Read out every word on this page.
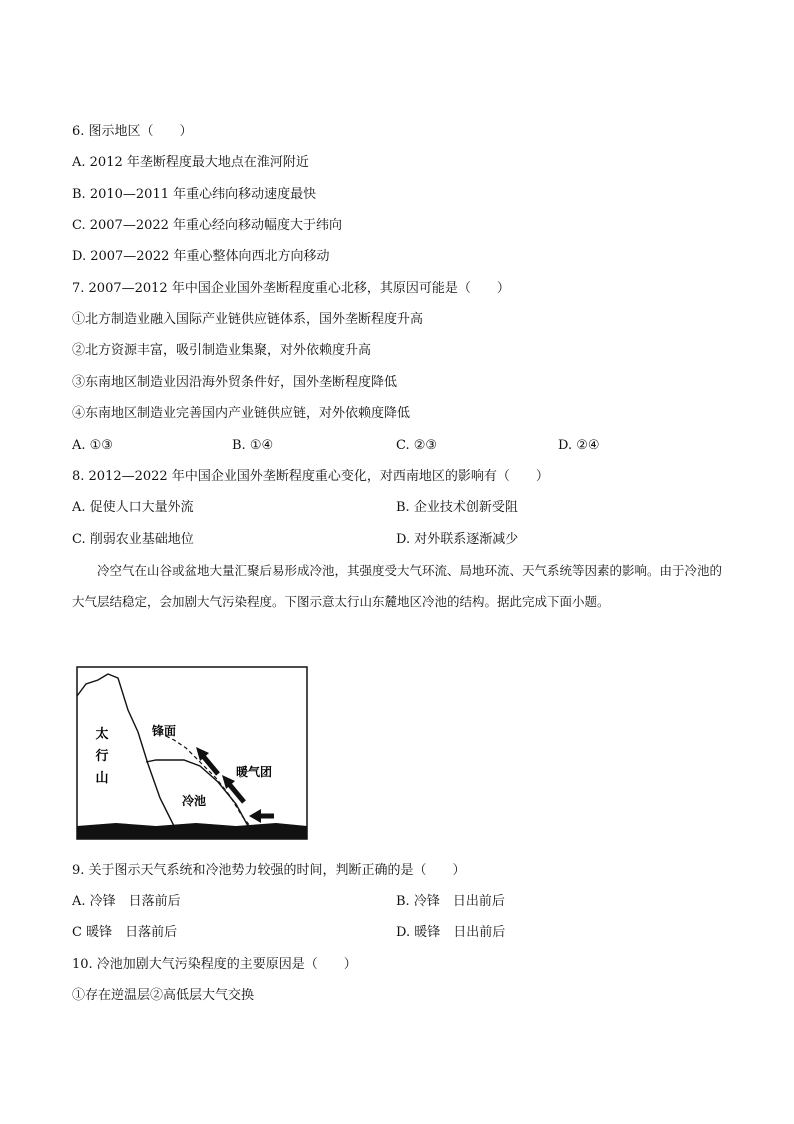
6. 图示地区（　　）
A. 2012 年垄断程度最大地点在淮河附近
B. 2010—2011 年重心纬向移动速度最快
C. 2007—2022 年重心经向移动幅度大于纬向
D. 2007—2022 年重心整体向西北方向移动
7. 2007—2012 年中国企业国外垄断程度重心北移，其原因可能是（　　）
①北方制造业融入国际产业链供应链体系，国外垄断程度升高
②北方资源丰富，吸引制造业集聚，对外依赖度升高
③东南地区制造业因沿海外贸条件好，国外垄断程度降低
④东南地区制造业完善国内产业链供应链，对外依赖度降低
A. ①③	B. ①④	C. ②③	D. ②④
8. 2012—2022 年中国企业国外垄断程度重心变化，对西南地区的影响有（　　）
A. 促使人口大量外流	B. 企业技术创新受阻
C. 削弱农业基础地位	D. 对外联系逐渐减少
冷空气在山谷或盆地大量汇聚后易形成冷池，其强度受大气环流、局地环流、天气系统等因素的影响。由于冷池的大气层结稳定，会加剧大气污染程度。下图示意太行山东麓地区冷池的结构。据此完成下面小题。
太
行
山
锋面
暖气团
冷池
9. 关于图示天气系统和冷池势力较强的时间，判断正确的是（　　）
A. 冷锋　日落前后	B. 冷锋　日出前后
C 暖锋　日落前后	D. 暖锋　日出前后
10. 冷池加剧大气污染程度的主要原因是（　　）
①存在逆温层②高低层大气交换
